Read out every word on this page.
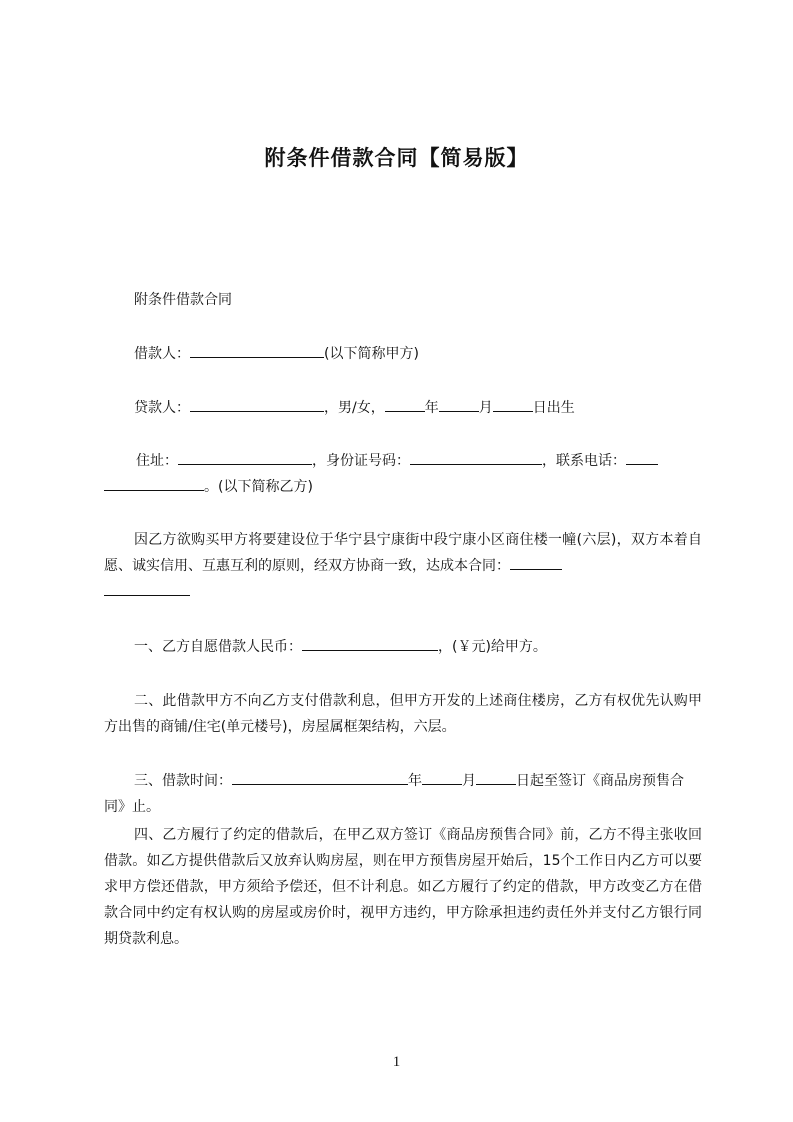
附条件借款合同【简易版】
附条件借款合同
借款人：	(以下简称甲方)
贷款人：	，男/女，	年	月	日出生
住址：	，身份证号码：	，联系电话：
。(以下简称乙方)
因乙方欲购买甲方将要建设位于华宁县宁康街中段宁康小区商住楼一幢(六层)，双方本着自愿、诚实信用、互惠互利的原则，经双方协商一致，达成本合同：

一、乙方自愿借款人民币：	，(￥元)给甲方。
二、此借款甲方不向乙方支付借款利息，但甲方开发的上述商住楼房，乙方有权优先认购甲方出售的商铺/住宅(单元楼号)，房屋属框架结构，六层。
三、借款时间：	年	月	日起至签订《商品房预售合同》止。
四、乙方履行了约定的借款后，在甲乙双方签订《商品房预售合同》前，乙方不得主张收回借款。如乙方提供借款后又放弃认购房屋，则在甲方预售房屋开始后，15个工作日内乙方可以要求甲方偿还借款，甲方须给予偿还，但不计利息。如乙方履行了约定的借款，甲方改变乙方在借款合同中约定有权认购的房屋或房价时，视甲方违约，甲方除承担违约责任外并支付乙方银行同期贷款利息。
1
